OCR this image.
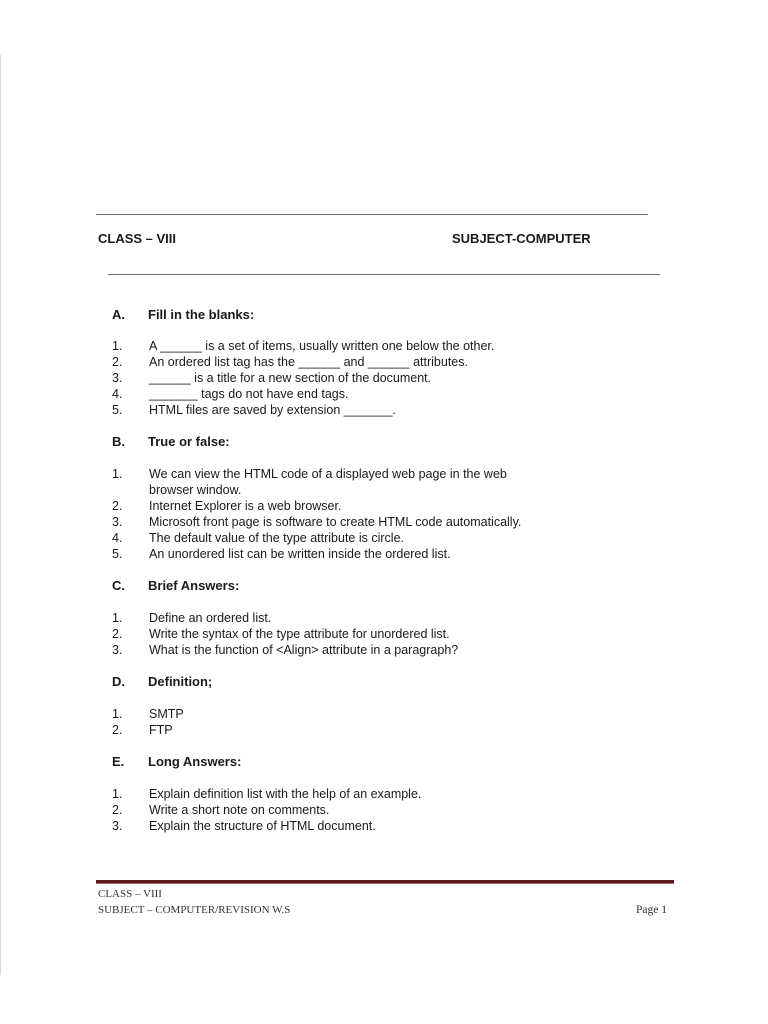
CLASS – VIII	SUBJECT-COMPUTER
A. Fill in the blanks:
1. A ______ is a set of items, usually written one below the other.
2. An ordered list tag has the ______ and ______ attributes.
3. ______ is a title for a new section of the document.
4. _______ tags do not have end tags.
5. HTML files are saved by extension _______.
B. True or false:
1. We can view the HTML code of a displayed web page in the web
browser window.
2. Internet Explorer is a web browser.
3. Microsoft front page is software to create HTML code automatically.
4. The default value of the type attribute is circle.
5. An unordered list can be written inside the ordered list.
C. Brief Answers:
1. Define an ordered list.
2. Write the syntax of the type attribute for unordered list.
3. What is the function of <Align> attribute in a paragraph?
D. Definition;
1. SMTP
2. FTP
E. Long Answers:
1. Explain definition list with the help of an example.
2. Write a short note on comments.
3. Explain the structure of HTML document.
CLASS – VIII
SUBJECT – COMPUTER/REVISION W.S	Page 1
